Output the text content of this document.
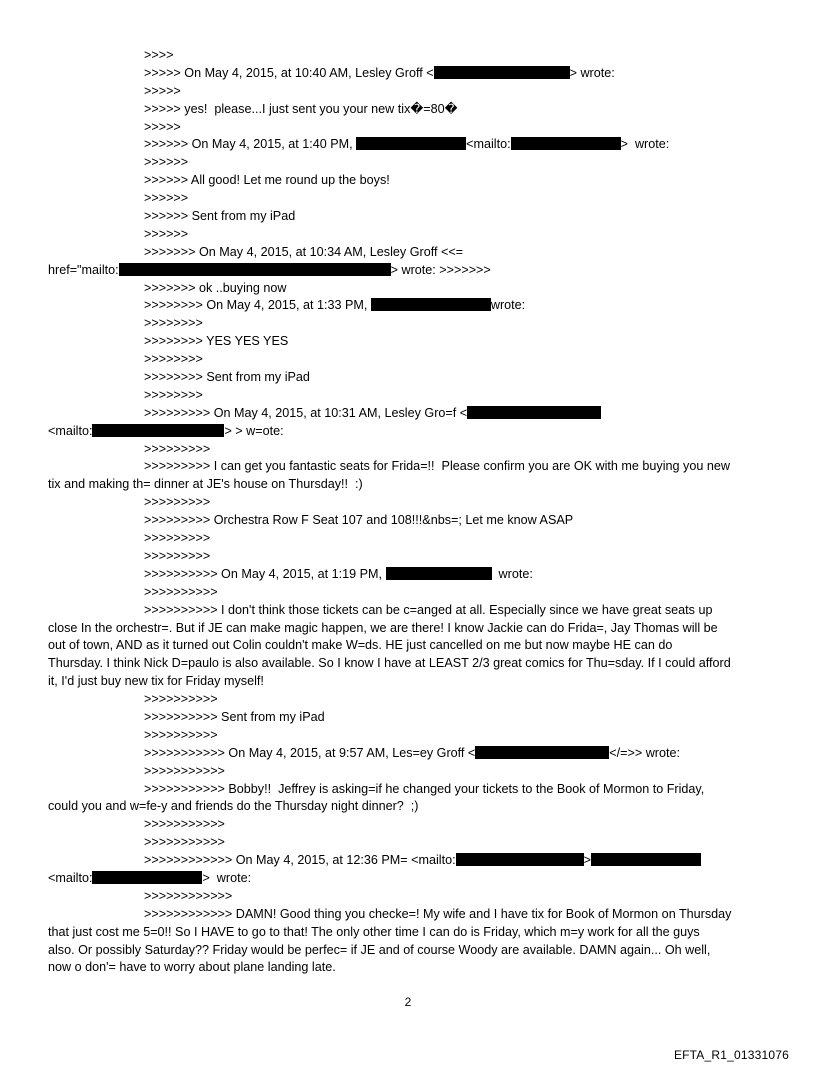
>>>>
>>>>> On May 4, 2015, at 10:40 AM, Lesley Groff <	> wrote:
>>>>>
>>>>> yes!  please...I just sent you your new tix�=80�
>>>>>
>>>>>> On May 4, 2015, at 1:40 PM,	<mailto:	>  wrote:
>>>>>>
>>>>>> All good! Let me round up the boys!
>>>>>>
>>>>>> Sent from my iPad
>>>>>>
>>>>>>> On May 4, 2015, at 10:34 AM, Lesley Groff <<=
href="mailto:	> wrote: >>>>>>>
>>>>>>> ok ..buying now
>>>>>>>> On May 4, 2015, at 1:33 PM,	wrote:
>>>>>>>>
>>>>>>>> YES YES YES
>>>>>>>>
>>>>>>>> Sent from my iPad
>>>>>>>>
>>>>>>>>> On May 4, 2015, at 10:31 AM, Lesley Gro=f <
<mailto:	> > w=ote:
>>>>>>>>>
>>>>>>>>> I can get you fantastic seats for Frida=!!  Please confirm you are OK with me buying you new
tix and making th= dinner at JE's house on Thursday!!  :)
>>>>>>>>>
>>>>>>>>> Orchestra Row F Seat 107 and 108!!!&nbs=; Let me know ASAP
>>>>>>>>>
>>>>>>>>>
>>>>>>>>>> On May 4, 2015, at 1:19 PM,	wrote:
>>>>>>>>>>
>>>>>>>>>> I don't think those tickets can be c=anged at all. Especially since we have great seats up
close In the orchestr=. But if JE can make magic happen, we are there! I know Jackie can do Frida=, Jay Thomas will be
out of town, AND as it turned out Colin couldn't make W=ds. HE just cancelled on me but now maybe HE can do
Thursday. I think Nick D=paulo is also available. So I know I have at LEAST 2/3 great comics for Thu=sday. If I could afford
it, I'd just buy new tix for Friday myself!
>>>>>>>>>>
>>>>>>>>>> Sent from my iPad
>>>>>>>>>>
>>>>>>>>>>> On May 4, 2015, at 9:57 AM, Les=ey Groff <	</=>> wrote:
>>>>>>>>>>>
>>>>>>>>>>> Bobby!!  Jeffrey is asking=if he changed your tickets to the Book of Mormon to Friday,
could you and w=fe-y and friends do the Thursday night dinner?  ;)
>>>>>>>>>>>
>>>>>>>>>>>
>>>>>>>>>>>> On May 4, 2015, at 12:36 PM= <mailto:	>
<mailto:	>  wrote:
>>>>>>>>>>>>
>>>>>>>>>>>> DAMN! Good thing you checke=! My wife and I have tix for Book of Mormon on Thursday
that just cost me 5=0!! So I HAVE to go to that! The only other time I can do is Friday, which m=y work for all the guys
also. Or possibly Saturday?? Friday would be perfec= if JE and of course Woody are available. DAMN again... Oh well,
now o don'= have to worry about plane landing late.
2
EFTA_R1_01331076
